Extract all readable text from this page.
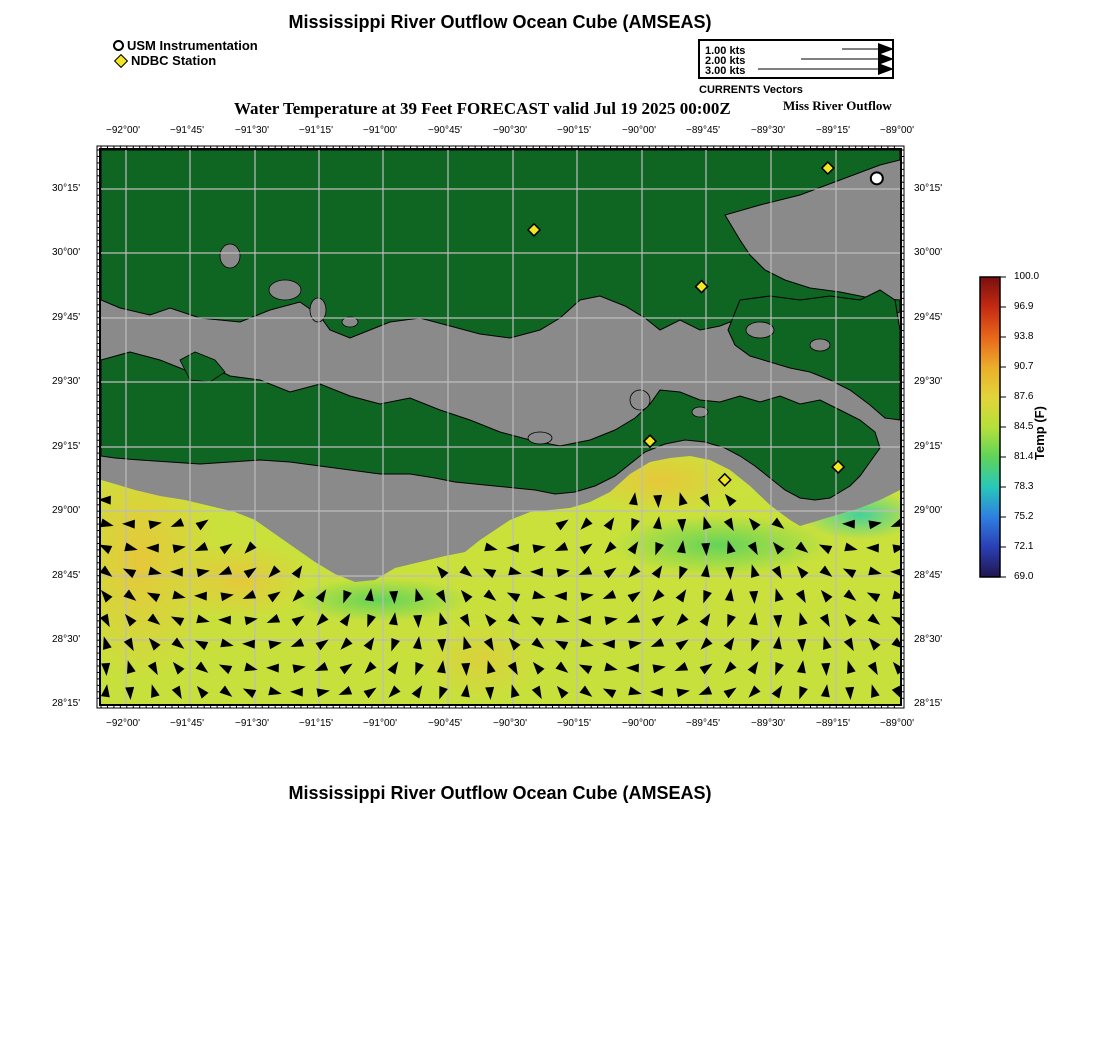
Mississippi River Outflow Ocean Cube (AMSEAS)
USM Instrumentation
NDBC Station
1.00 kts
2.00 kts
3.00 kts
CURRENTS Vectors
Water Temperature at 39 Feet FORECAST valid Jul 19 2025 00:00Z	Miss River Outflow
−92°00'	−91°45'	−91°30'	−91°15'	−91°00'	−90°45'	−90°30'	−90°15'	−90°00'	−89°45'	−89°30'	−89°15'	−89°00'
−92°00'	−91°45'	−91°30'	−91°15'	−91°00'	−90°45'	−90°30'	−90°15'	−90°00'	−89°45'	−89°30'	−89°15'	−89°00'
30°15'
30°00'
29°45'
29°30'
29°15'
29°00'
28°45'
28°30'
28°15'
30°15'
30°00'
29°45'
29°30'
29°15'
29°00'
28°45'
28°30'
28°15'
100.0
96.9
93.8
90.7
87.6
84.5
81.4
78.3
75.2
72.1
69.0
Temp (F)
Mississippi River Outflow Ocean Cube (AMSEAS)
